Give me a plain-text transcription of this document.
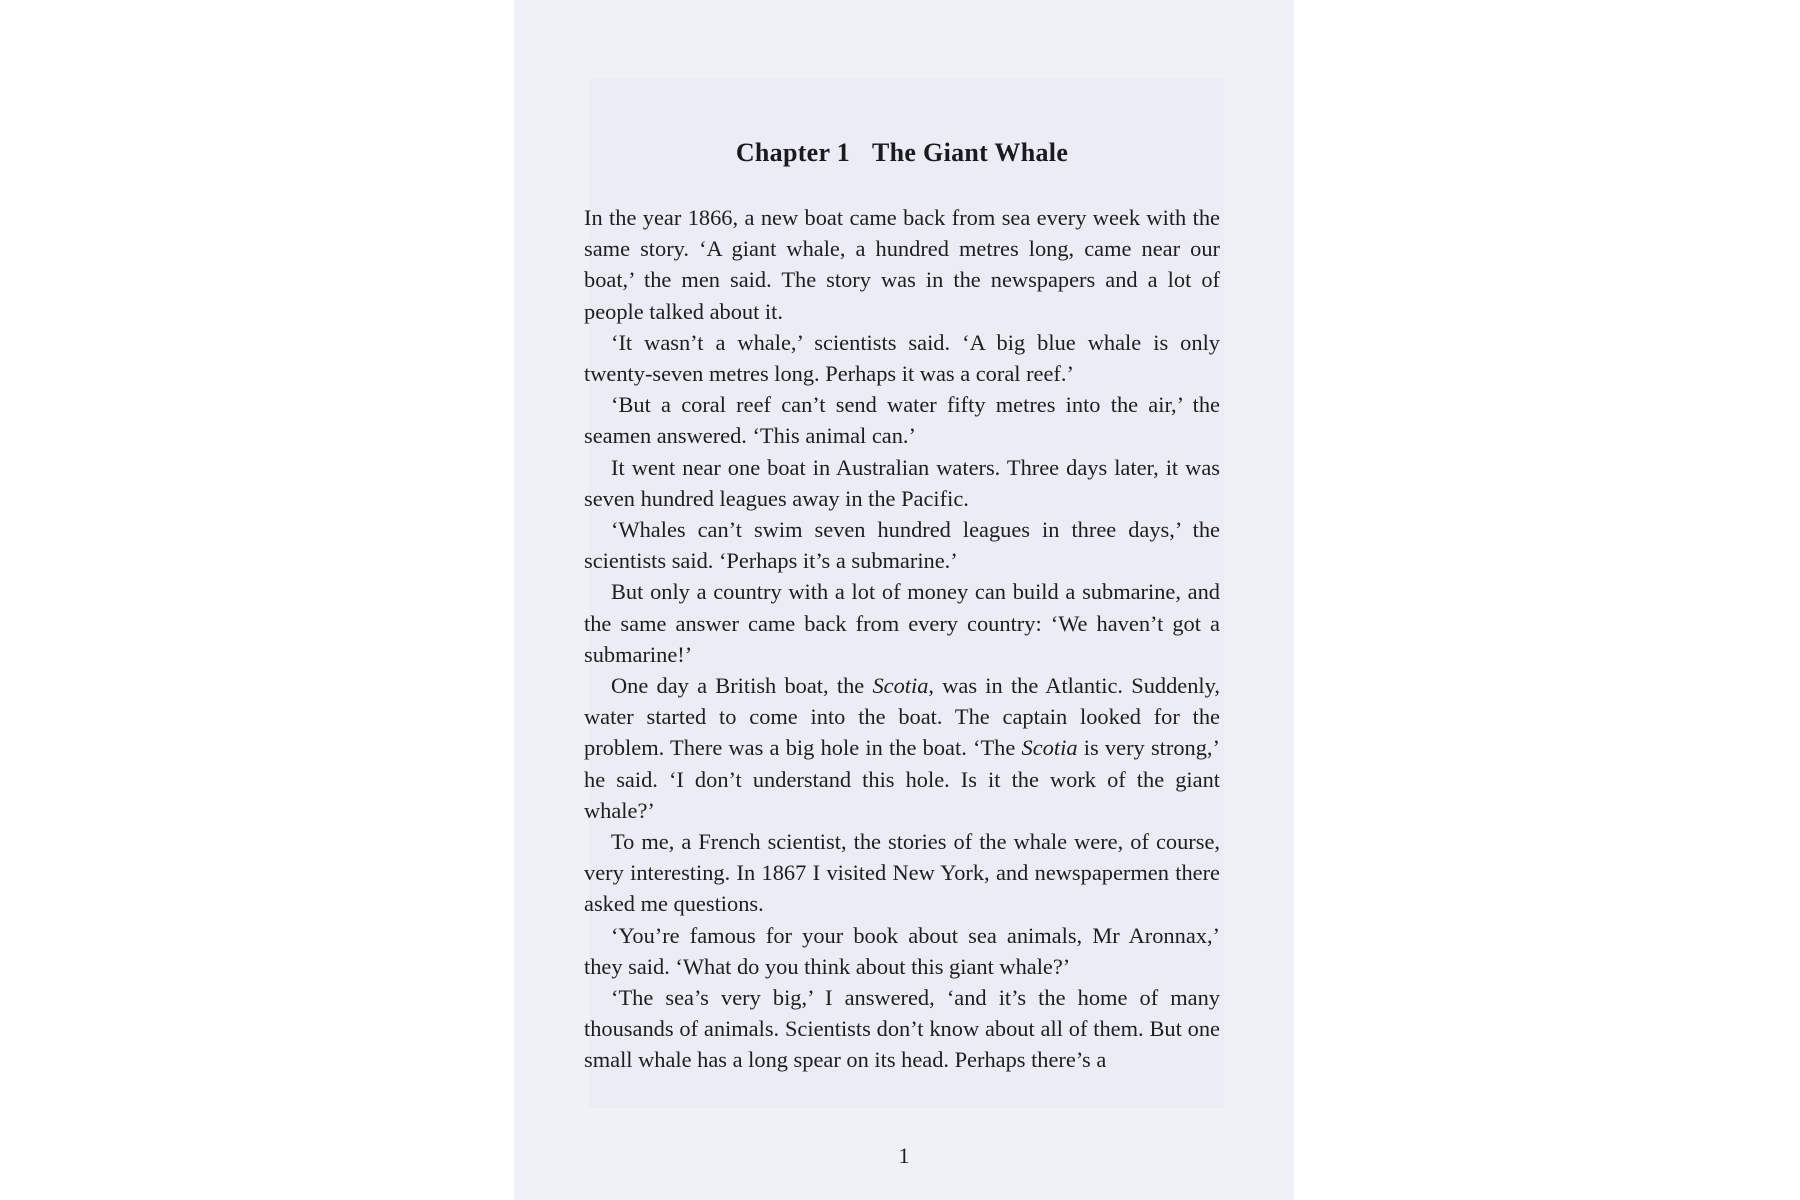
Chapter 1 The Giant Whale

In the year 1866, a new boat came back from sea every week with the same story. ‘A giant whale, a hundred metres long, came near our boat,’ the men said. The story was in the newspapers and a lot of people talked about it.

‘It wasn’t a whale,’ scientists said. ‘A big blue whale is only twenty-seven metres long. Perhaps it was a coral reef.’

‘But a coral reef can’t send water fifty metres into the air,’ the seamen answered. ‘This animal can.’

It went near one boat in Australian waters. Three days later, it was seven hundred leagues away in the Pacific.

‘Whales can’t swim seven hundred leagues in three days,’ the scientists said. ‘Perhaps it’s a submarine.’

But only a country with a lot of money can build a submarine, and the same answer came back from every country: ‘We haven’t got a submarine!’

One day a British boat, the Scotia, was in the Atlantic. Suddenly, water started to come into the boat. The captain looked for the problem. There was a big hole in the boat. ‘The Scotia is very strong,’ he said. ‘I don’t understand this hole. Is it the work of the giant whale?’

To me, a French scientist, the stories of the whale were, of course, very interesting. In 1867 I visited New York, and newspapermen there asked me questions.

‘You’re famous for your book about sea animals, Mr Aronnax,’ they said. ‘What do you think about this giant whale?’

‘The sea’s very big,’ I answered, ‘and it’s the home of many thousands of animals. Scientists don’t know about all of them. But one small whale has a long spear on its head. Perhaps there’s a

1
